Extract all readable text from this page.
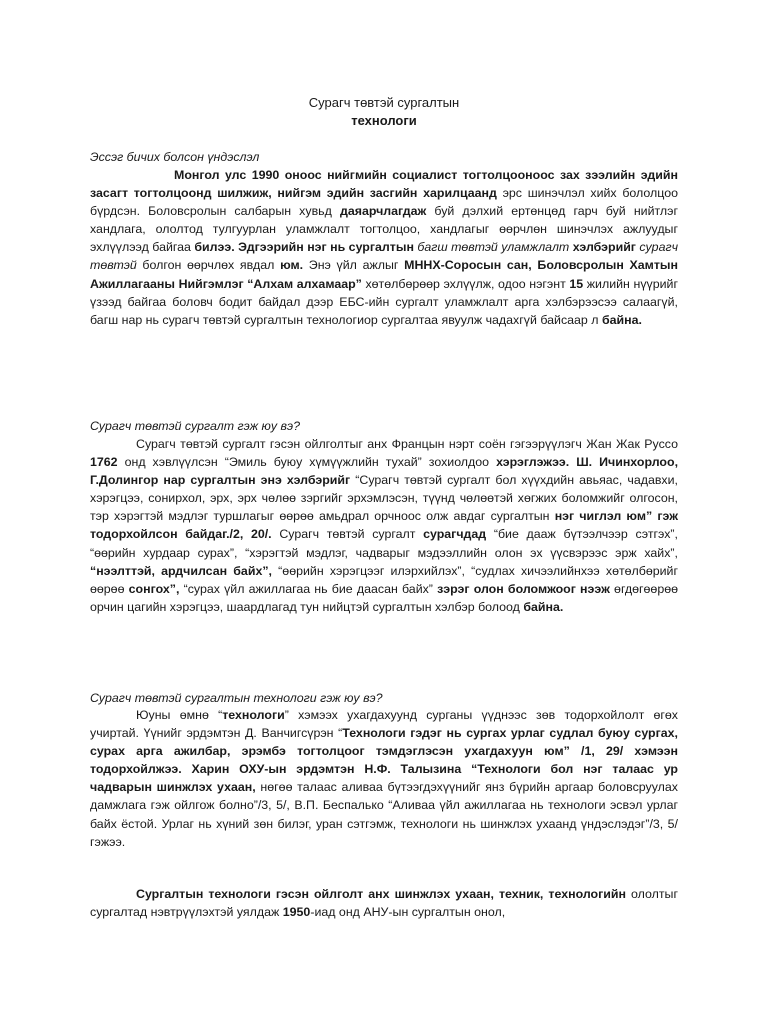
Сурагч төвтэй сургалтын
технологи
Эссэг бичих болсон үндэслэл
Монгол улс 1990 оноос нийгмийн социалист тогтолцооноос зах зээлийн эдийн засагт тогтолцоонд шилжиж, нийгэм эдийн засгийн харилцаанд эрс шинэчлэл хийх бололцоо бүрдсэн. Боловсролын салбарын хувьд даяарчлагдаж буй дэлхий ертөнцөд гарч буй нийтлэг хандлага, ололтод тулгуурлан уламжлалт тогтолцоо, хандлагыг өөрчлөн шинэчлэх ажлуудыг эхлүүлээд байгаа билээ. Эдгээрийн нэг нь сургалтын багш төвтэй уламжлалт хэлбэрийг сурагч төвтэй болгон өөрчлөх явдал юм. Энэ үйл ажлыг МННХ-Соросын сан, Боловсролын Хамтын Ажиллагааны Нийгэмлэг “Алхам алхамаар” хөтөлбөрөөр эхлүүлж, одоо нэгэнт 15 жилийн нүүрийг үзээд байгаа боловч бодит байдал дээр ЕБС-ийн сургалт уламжлалт арга хэлбэрээсээ салаагүй, багш нар нь сурагч төвтэй сургалтын технологиор сургалтаа явуулж чадахгүй байсаар л байна.
Сурагч төвтэй сургалт гэж юу вэ?
Сурагч төвтэй сургалт гэсэн ойлголтыг анх Францын нэрт соён гэгээрүүлэгч Жан Жак Руссо 1762 онд хэвлүүлсэн “Эмиль буюу хүмүүжлийн тухай” зохиолдоо хэрэглэжээ. Ш. Ичинхорлоо, Г.Долингор нар сургалтын энэ хэлбэрийг “Сурагч төвтэй сургалт бол хүүхдийн авьяас, чадавхи, хэрэгцээ, сонирхол, эрх, эрх чөлөө зэргийг эрхэмлэсэн, түүнд чөлөөтэй хөгжих боломжийг олгосон, тэр хэрэгтэй мэдлэг туршлагыг өөрөө амьдрал орчноос олж авдаг сургалтын нэг чиглэл юм” гэж тодорхойлсон байдаг./2, 20/. Сурагч төвтэй сургалт сурагчдад “бие дааж бүтээлчээр сэтгэх”, “өөрийн хурдаар сурах”, “хэрэгтэй мэдлэг, чадварыг мэдээллийн олон эх үүсвэрээс эрж хайх”, “нээлттэй, ардчилсан байх”, “өөрийн хэрэгцээг илэрхийлэх”, “судлах хичээлийнхээ хөтөлбөрийг өөрөө сонгох”, “сурах үйл ажиллагаа нь бие даасан байх” зэрэг олон боломжоог нээж өгдөгөөрөө орчин цагийн хэрэгцээ, шаардлагад тун нийцтэй сургалтын хэлбэр болоод байна.
Сурагч төвтэй сургалтын технологи гэж юу вэ?
Юуны өмнө “технологи” хэмээх ухагдахуунд сурганы үүднээс зөв тодорхойлолт өгөх учиртай. Үүнийг эрдэмтэн Д. Ванчигсүрэн “Технологи гэдэг нь сургах урлаг судлал буюу сургах, сурах арга ажилбар, эрэмбэ тогтолцоог тэмдэглэсэн ухагдахуун юм” /1, 29/ хэмээн тодорхойлжээ. Харин ОХУ-ын эрдэмтэн Н.Ф. Талызина “Технологи бол нэг талаас ур чадварын шинжлэх ухаан, нөгөө талаас аливаа бүтээгдэхүүнийг янз бүрийн аргаар боловсруулах дамжлага гэж ойлгож болно”/3, 5/, В.П. Беспалько “Аливаа үйл ажиллагаа нь технологи эсвэл урлаг байх ёстой. Урлаг нь хүний зөн билэг, уран сэтгэмж, технологи нь шинжлэх ухаанд үндэслэдэг”/3, 5/ гэжээ.
Сургалтын технологи гэсэн ойлголт анх шинжлэх ухаан, техник, технологийн ололтыг сургалтад нэвтрүүлэхтэй уялдаж 1950-иад онд АНУ-ын сургалтын онол,
